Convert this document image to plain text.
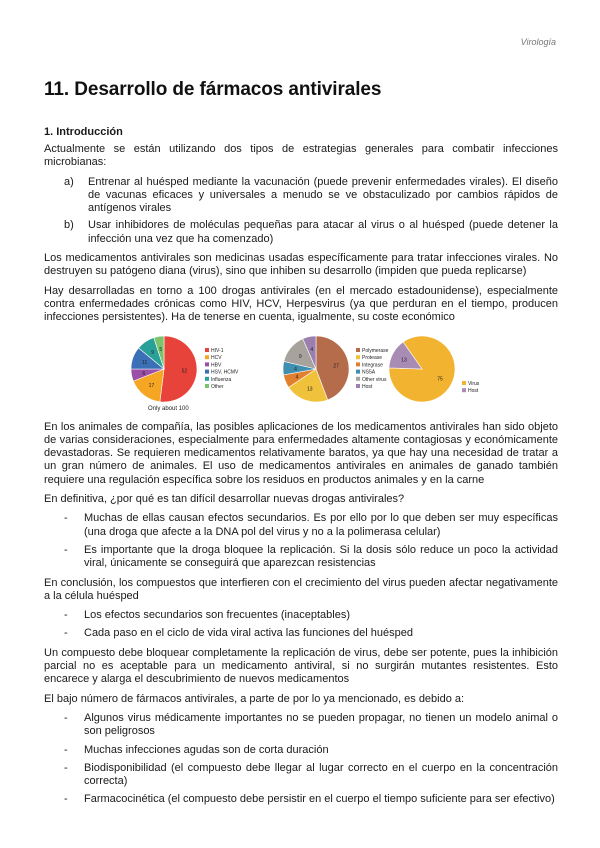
Virología
11. Desarrollo de fármacos antivirales
1. Introducción

Actualmente se están utilizando dos tipos de estrategias generales para combatir infecciones microbianas:

a) Entrenar al huésped mediante la vacunación (puede prevenir enfermedades virales). El diseño de vacunas eficaces y universales a menudo se ve obstaculizado por cambios rápidos de antígenos virales
b) Usar inhibidores de moléculas pequeñas para atacar al virus o al huésped (puede detener la infección una vez que ha comenzado)

Los medicamentos antivirales son medicinas usadas específicamente para tratar infecciones virales. No destruyen su patógeno diana (virus), sino que inhiben su desarrollo (impiden que pueda replicarse)

Hay desarrolladas en torno a 100 drogas antivirales (en el mercado estadounidense), especialmente contra enfermedades crónicas como HIV, HCV, Herpesvirus (ya que perduran en el tiempo, producen infecciones persistentes). Ha de tenerse en cuenta, igualmente, su coste económico

52
17
6
11
9
5	HIV-1
HCV
HBV
HSV, HCMV
Influenza
Other
Only about 100
27
13
4
4
9
4	Polymerase
Protease
Integrase
NS5A
Other virus
Host
75
13
Virus
Host

En los animales de compañía, las posibles aplicaciones de los medicamentos antivirales han sido objeto de varias consideraciones, especialmente para enfermedades altamente contagiosas y económicamente devastadoras. Se requieren medicamentos relativamente baratos, ya que hay una necesidad de tratar a un gran número de animales. El uso de medicamentos antivirales en animales de ganado también requiere una regulación específica sobre los residuos en productos animales y en la carne

En definitiva, ¿por qué es tan difícil desarrollar nuevas drogas antivirales?

- Muchas de ellas causan efectos secundarios. Es por ello por lo que deben ser muy específicas (una droga que afecte a la DNA pol del virus y no a la polimerasa celular)
- Es importante que la droga bloquee la replicación. Si la dosis sólo reduce un poco la actividad viral, únicamente se conseguirá que aparezcan resistencias

En conclusión, los compuestos que interfieren con el crecimiento del virus pueden afectar negativamente a la célula huésped

- Los efectos secundarios son frecuentes (inaceptables)
- Cada paso en el ciclo de vida viral activa las funciones del huésped

Un compuesto debe bloquear completamente la replicación de virus, debe ser potente, pues la inhibición parcial no es aceptable para un medicamento antiviral, si no surgirán mutantes resistentes. Esto encarece y alarga el descubrimiento de nuevos medicamentos

El bajo número de fármacos antivirales, a parte de por lo ya mencionado, es debido a:

- Algunos virus médicamente importantes no se pueden propagar, no tienen un modelo animal o son peligrosos
- Muchas infecciones agudas son de corta duración
- Biodisponibilidad (el compuesto debe llegar al lugar correcto en el cuerpo en la concentración correcta)
- Farmacocinética (el compuesto debe persistir en el cuerpo el tiempo suficiente para ser efectivo)
